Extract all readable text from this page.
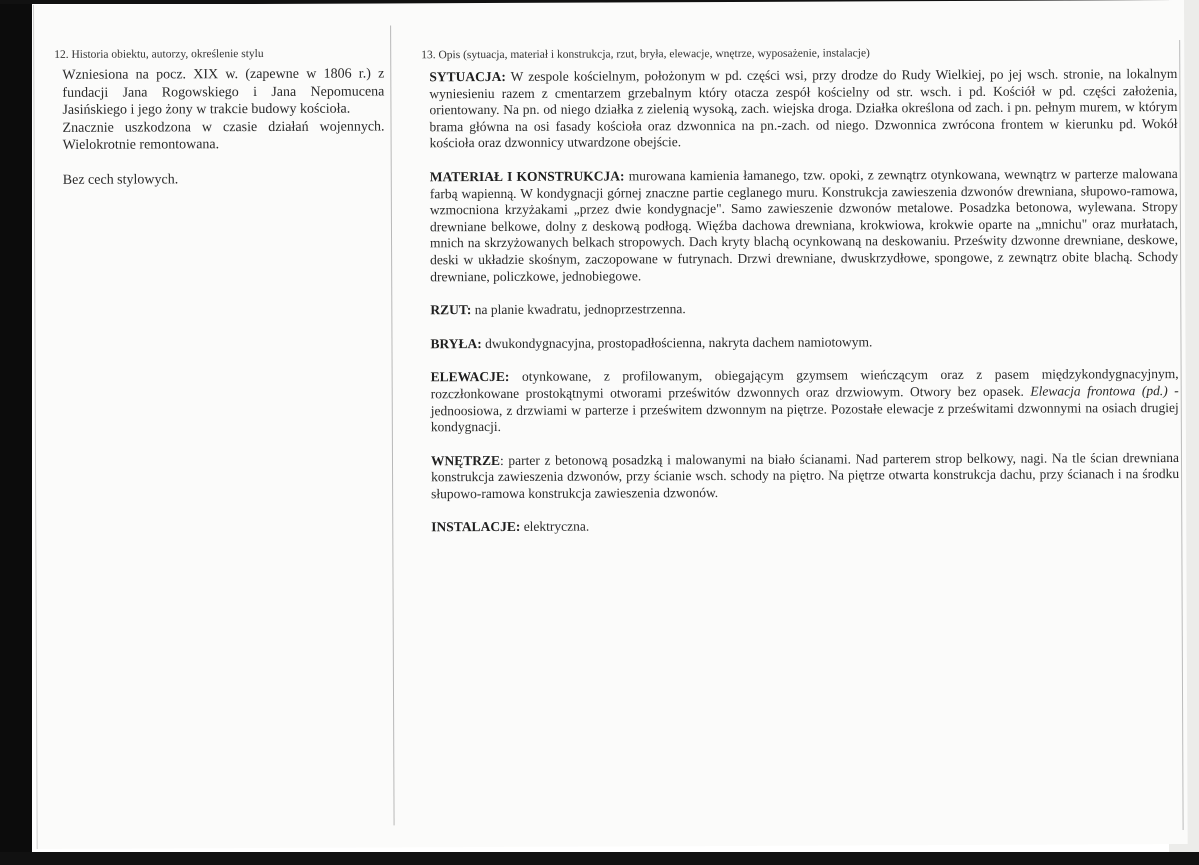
12. Historia obiektu, autorzy, określenie stylu

Wzniesiona na pocz. XIX w. (zapewne w 1806 r.) z fundacji Jana Rogowskiego i Jana Nepomucena Jasińskiego i jego żony w trakcie budowy kościoła.

Znacznie uszkodzona w czasie działań wojennych. Wielokrotnie remontowana.

Bez cech stylowych.

13. Opis (sytuacja, materiał i konstrukcja, rzut, bryła, elewacje, wnętrze, wyposażenie, instalacje)
SYTUACJA: W zespole kościelnym, położonym w pd. części wsi, przy drodze do Rudy Wielkiej, po jej wsch. stronie, na lokalnym wyniesieniu razem z cmentarzem grzebalnym który otacza zespół kościelny od str. wsch. i pd. Kościół w pd. części założenia, orientowany. Na pn. od niego działka z zielenią wysoką, zach. wiejska droga. Działka określona od zach. i pn. pełnym murem, w którym brama główna na osi fasady kościoła oraz dzwonnica na pn.-zach. od niego. Dzwonnica zwrócona frontem w kierunku pd. Wokół kościoła oraz dzwonnicy utwardzone obejście.
MATERIAŁ I KONSTRUKCJA: murowana kamienia łamanego, tzw. opoki, z zewnątrz otynkowana, wewnątrz w parterze malowana farbą wapienną. W kondygnacji górnej znaczne partie ceglanego muru. Konstrukcja zawieszenia dzwonów drewniana, słupowo-ramowa, wzmocniona krzyżakami „przez dwie kondygnacje". Samo zawieszenie dzwonów metalowe. Posadzka betonowa, wylewana. Stropy drewniane belkowe, dolny z deskową podłogą. Więźba dachowa drewniana, krokwiowa, krokwie oparte na „mnichu" oraz murłatach, mnich na skrzyżowanych belkach stropowych. Dach kryty blachą ocynkowaną na deskowaniu. Prześwity dzwonne drewniane, deskowe, deski w układzie skośnym, zaczopowane w futrynach. Drzwi drewniane, dwuskrzydłowe, spongowe, z zewnątrz obite blachą. Schody drewniane, policzkowe, jednobiegowe.
RZUT: na planie kwadratu, jednoprzestrzenna.
BRYŁA: dwukondygnacyjna, prostopadłościenna, nakryta dachem namiotowym.
ELEWACJE: otynkowane, z profilowanym, obiegającym gzymsem wieńczącym oraz z pasem międzykondygnacyjnym, rozczłonkowane prostokątnymi otworami prześwitów dzwonnych oraz drzwiowym. Otwory bez opasek. Elewacja frontowa (pd.) - jednoosiowa, z drzwiami w parterze i prześwitem dzwonnym na piętrze. Pozostałe elewacje z prześwitami dzwonnymi na osiach drugiej kondygnacji.
WNĘTRZE: parter z betonową posadzką i malowanymi na biało ścianami. Nad parterem strop belkowy, nagi. Na tle ścian drewniana konstrukcja zawieszenia dzwonów, przy ścianie wsch. schody na piętro. Na piętrze otwarta konstrukcja dachu, przy ścianach i na środku słupowo-ramowa konstrukcja zawieszenia dzwonów.
INSTALACJE: elektryczna.
